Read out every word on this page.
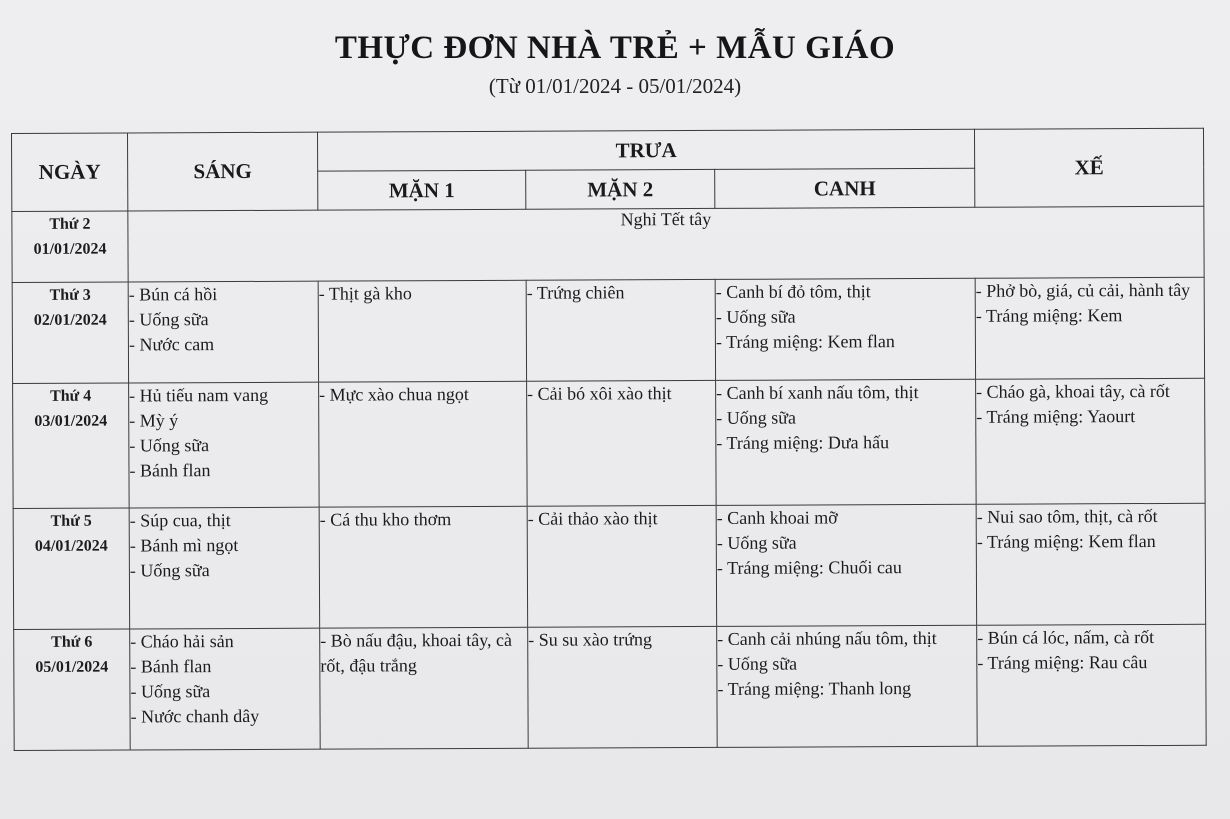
THỰC ĐƠN NHÀ TRẺ + MẪU GIÁO
(Từ 01/01/2024 - 05/01/2024)
NGÀY	SÁNG	TRƯA			XẾ
		MẶN 1	MẶN 2	CANH	

Thứ 2
01/01/2024	Nghỉ Tết tây				

Thứ 3
02/01/2024	- Bún cá hồi
- Uống sữa
- Nước cam	- Thịt gà kho	- Trứng chiên	- Canh bí đỏ tôm, thịt
- Uống sữa
- Tráng miệng: Kem flan	- Phở bò, giá, củ cải, hành tây
- Tráng miệng: Kem

Thứ 4
03/01/2024	- Hủ tiếu nam vang
- Mỳ ý
- Uống sữa
- Bánh flan	- Mực xào chua ngọt	- Cải bó xôi xào thịt	- Canh bí xanh nấu tôm, thịt
- Uống sữa
- Tráng miệng: Dưa hấu	- Cháo gà, khoai tây, cà rốt
- Tráng miệng: Yaourt

Thứ 5
04/01/2024	- Súp cua, thịt
- Bánh mì ngọt
- Uống sữa	- Cá thu kho thơm	- Cải thảo xào thịt	- Canh khoai mỡ
- Uống sữa
- Tráng miệng: Chuối cau	- Nui sao tôm, thịt, cà rốt
- Tráng miệng: Kem flan

Thứ 6
05/01/2024	- Cháo hải sản
- Bánh flan
- Uống sữa
- Nước chanh dây	- Bò nấu đậu, khoai tây, cà rốt, đậu trắng	- Su su xào trứng	- Canh cải nhúng nấu tôm, thịt
- Uống sữa
- Tráng miệng: Thanh long	- Bún cá lóc, nấm, cà rốt
- Tráng miệng: Rau câu
